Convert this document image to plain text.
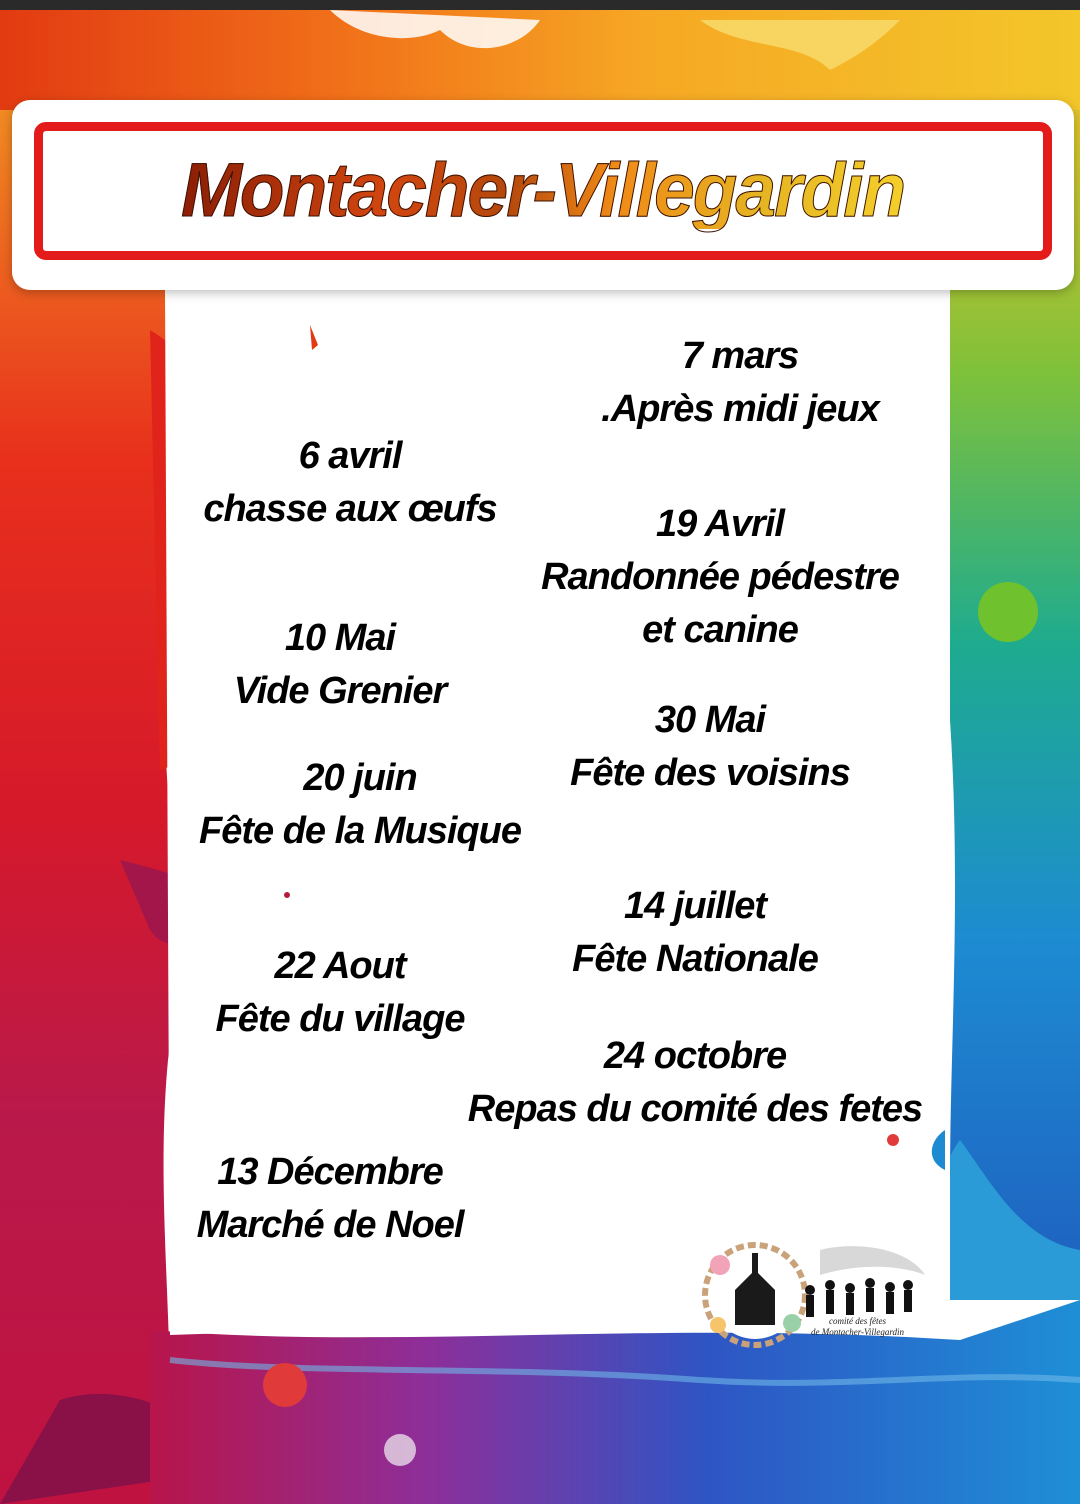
Montacher-Villegardin
7 mars
.Après midi jeux
6 avril
chasse aux œufs	19 Avril
Randonnée pédestre
et canine
10 Mai
Vide Grenier
30 Mai
Fête des voisins
20 juin
Fête de la Musique
14 juillet
Fête Nationale
22 Aout
Fête du village
24 octobre
Repas du comité des fetes
13 Décembre
Marché de Noel
comité des fêtes
de Montacher-Villegardin
